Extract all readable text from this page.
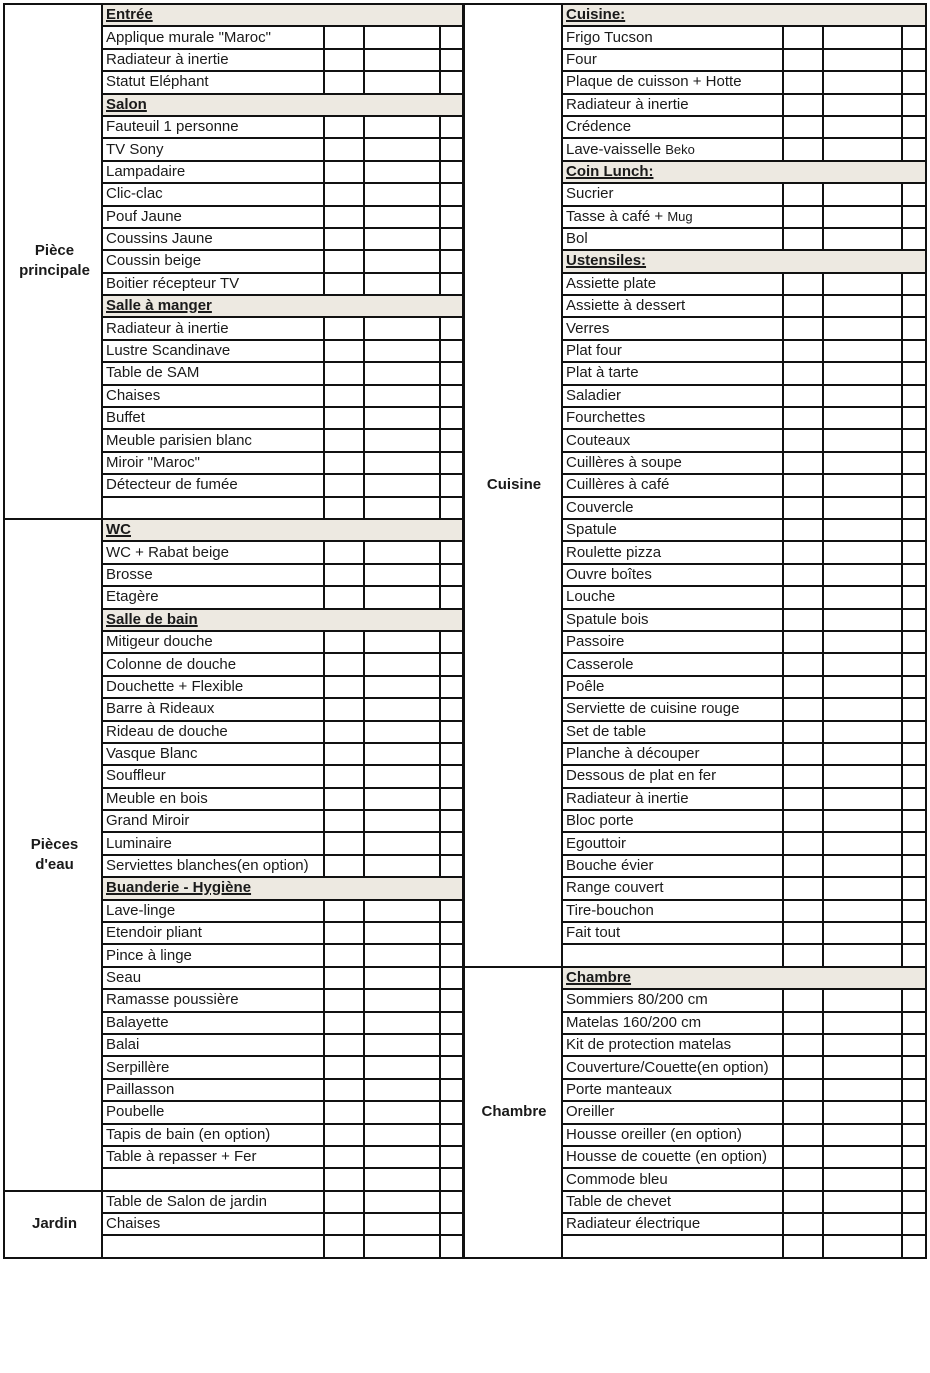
Pièce
principale	Entrée			
	Applique murale "Maroc"			
	Radiateur à inertie			
	Statut Eléphant			
	Salon			
	Fauteuil 1 personne			
	TV Sony			
	Lampadaire			
	Clic-clac			
	Pouf Jaune			
	Coussins Jaune			
	Coussin beige			
	Boitier récepteur TV			
	Salle à manger			
	Radiateur à inertie			
	Lustre Scandinave			
	Table de SAM			
	Chaises			
	Buffet			
	Meuble parisien blanc			
	Miroir "Maroc"			
	Détecteur de fumée			

Pièces
d'eau	WC			
	WC + Rabat beige			
	Brosse			
	Etagère			
	Salle de bain			
	Mitigeur douche			
	Colonne de douche			
	Douchette + Flexible			
	Barre à Rideaux			
	Rideau de douche			
	Vasque Blanc			
	Souffleur			
	Meuble en bois			
	Grand Miroir			
	Luminaire			
	Serviettes blanches(en option)			
	Buanderie - Hygiène			
	Lave-linge			
	Etendoir pliant			
	Pince à linge			
	Seau			
	Ramasse poussière			
	Balayette			
	Balai			
	Serpillère			
	Paillasson			
	Poubelle			
	Tapis de bain (en option)			
	Table à repasser + Fer			

Jardin	Table de Salon de jardin			
	Chaises			

Cuisine	Cuisine:			
	Frigo Tucson			
	Four			
	Plaque de cuisson + Hotte			
	Radiateur à inertie			
	Crédence			
	Lave-vaisselle Beko			
	Coin Lunch:			
	Sucrier			
	Tasse à café + Mug			
	Bol			
	Ustensiles:			
	Assiette plate			
	Assiette à dessert			
	Verres			
	Plat four			
	Plat à tarte			
	Saladier			
	Fourchettes			
	Couteaux			
	Cuillères à soupe			
	Cuillères à café			
	Couvercle			
	Spatule			
	Roulette pizza			
	Ouvre boîtes			
	Louche			
	Spatule bois			
	Passoire			
	Casserole			
	Poêle			
	Serviette de cuisine rouge			
	Set de table			
	Planche à découper			
	Dessous de plat en fer			
	Radiateur à inertie			
	Bloc porte			
	Egouttoir			
	Bouche évier			
	Range couvert			
	Tire-bouchon			
	Fait tout			

Chambre	Chambre			
	Sommiers 80/200 cm			
	Matelas 160/200 cm			
	Kit de protection matelas			
	Couverture/Couette(en option)			
	Porte manteaux			
	Oreiller			
	Housse oreiller (en option)			
	Housse de couette (en option)			
	Commode bleu			
	Table de chevet			
	Radiateur électrique			
